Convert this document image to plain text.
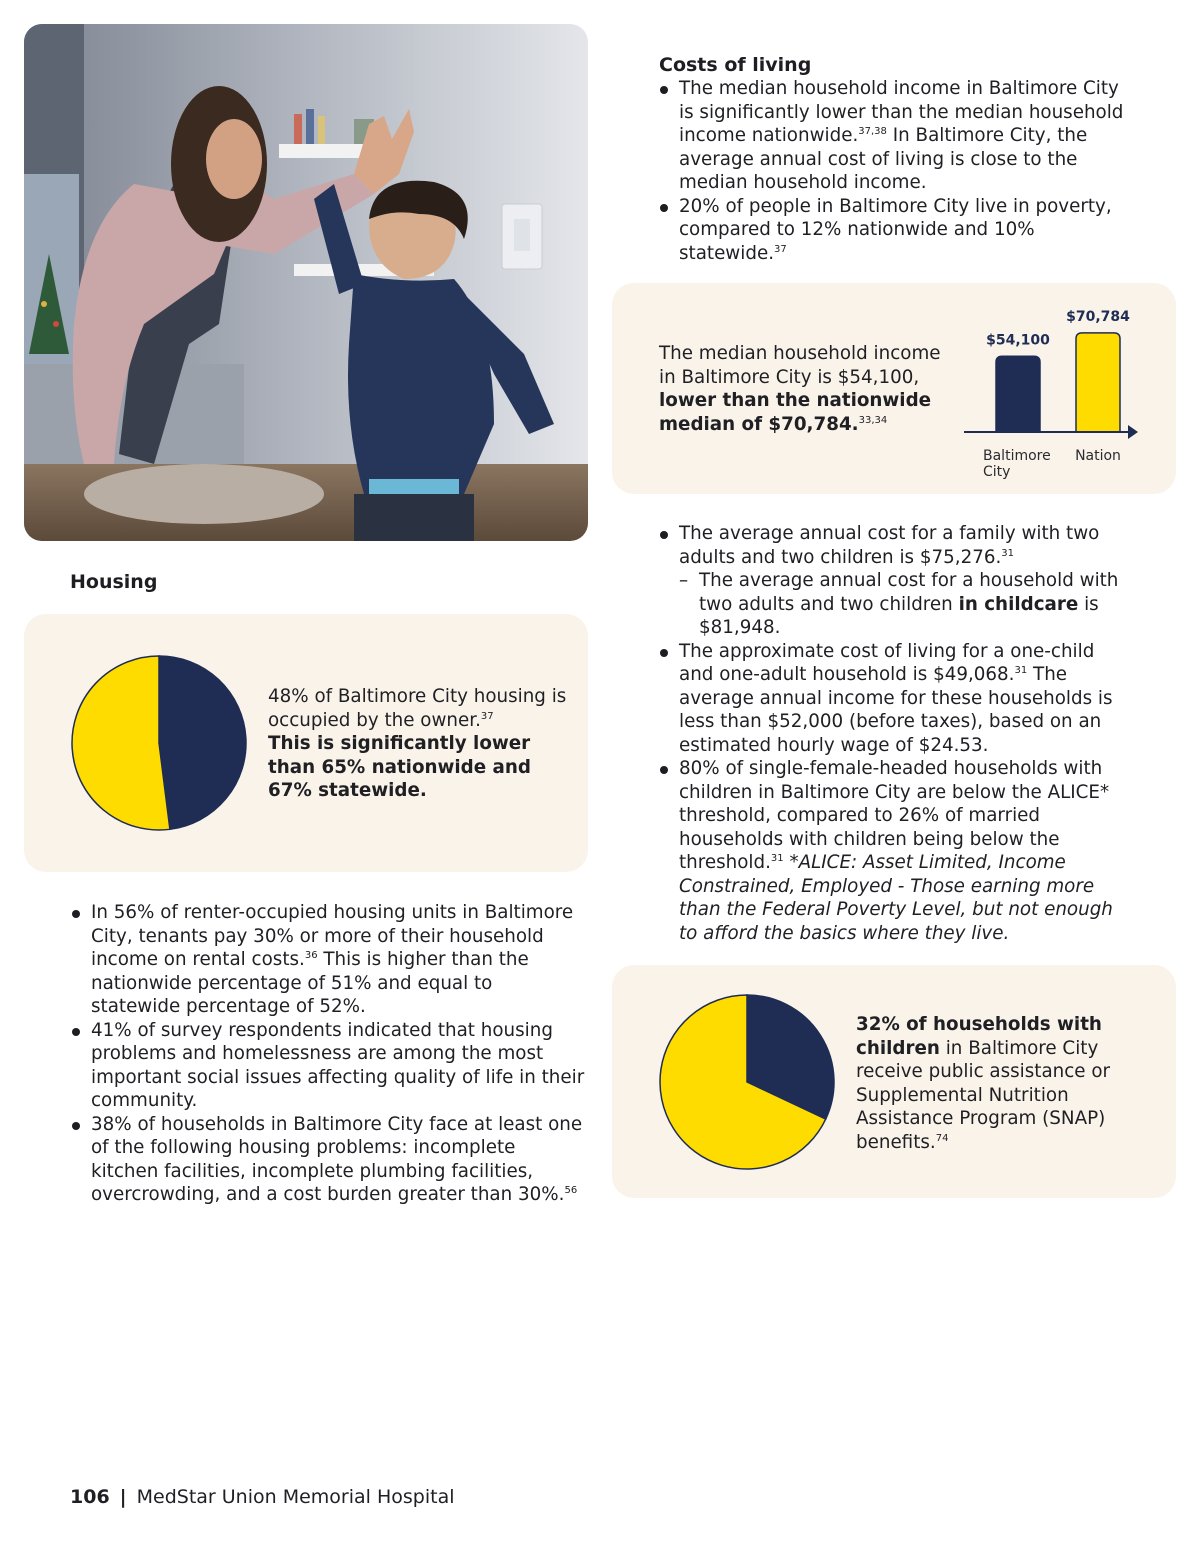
Costs of living
The median household income in Baltimore City is significantly lower than the median household income nationwide.$^{37,38}$ In Baltimore City, the average annual cost of living is close to the median household income.
20% of people in Baltimore City live in poverty, compared to 12% nationwide and 10% statewide.$^{37}$
The median household income in Baltimore City is $54,100, lower than the nationwide median of $70,784.$^{33,34}$
$54,100
Baltimore
City
$70,784
Nation
Housing
48% of Baltimore City housing is occupied by the owner.$^{37}$
This is significantly lower than 65% nationwide and 67% statewide.
In 56% of renter-occupied housing units in Baltimore City, tenants pay 30% or more of their household income on rental costs.$^{36}$ This is higher than the nationwide percentage of 51% and equal to statewide percentage of 52%.
41% of survey respondents indicated that housing problems and homelessness are among the most important social issues affecting quality of life in their community.
38% of households in Baltimore City face at least one of the following housing problems: incomplete kitchen facilities, incomplete plumbing facilities, overcrowding, and a cost burden greater than 30%.$^{56}$
The average annual cost for a family with two adults and two children is $75,276.31
– The average annual cost for a household with two adults and two children in childcare is $81,948.
The approximate cost of living for a one-child and one-adult household is $49,068.31 The average annual income for these households is less than $52,000 (before taxes), based on an estimated hourly wage of $24.53.
80% of single-female-headed households with children in Baltimore City are below the ALICE* threshold, compared to 26% of married households with children being below the threshold.$^{31}$ *ALICE: Asset Limited, Income Constrained, Employed - Those earning more than the Federal Poverty Level, but not enough to afford the basics where they live.
32% of households with children in Baltimore City receive public assistance or Supplemental Nutrition Assistance Program (SNAP) benefits.$^{74}$
106 | MedStar Union Memorial Hospital
